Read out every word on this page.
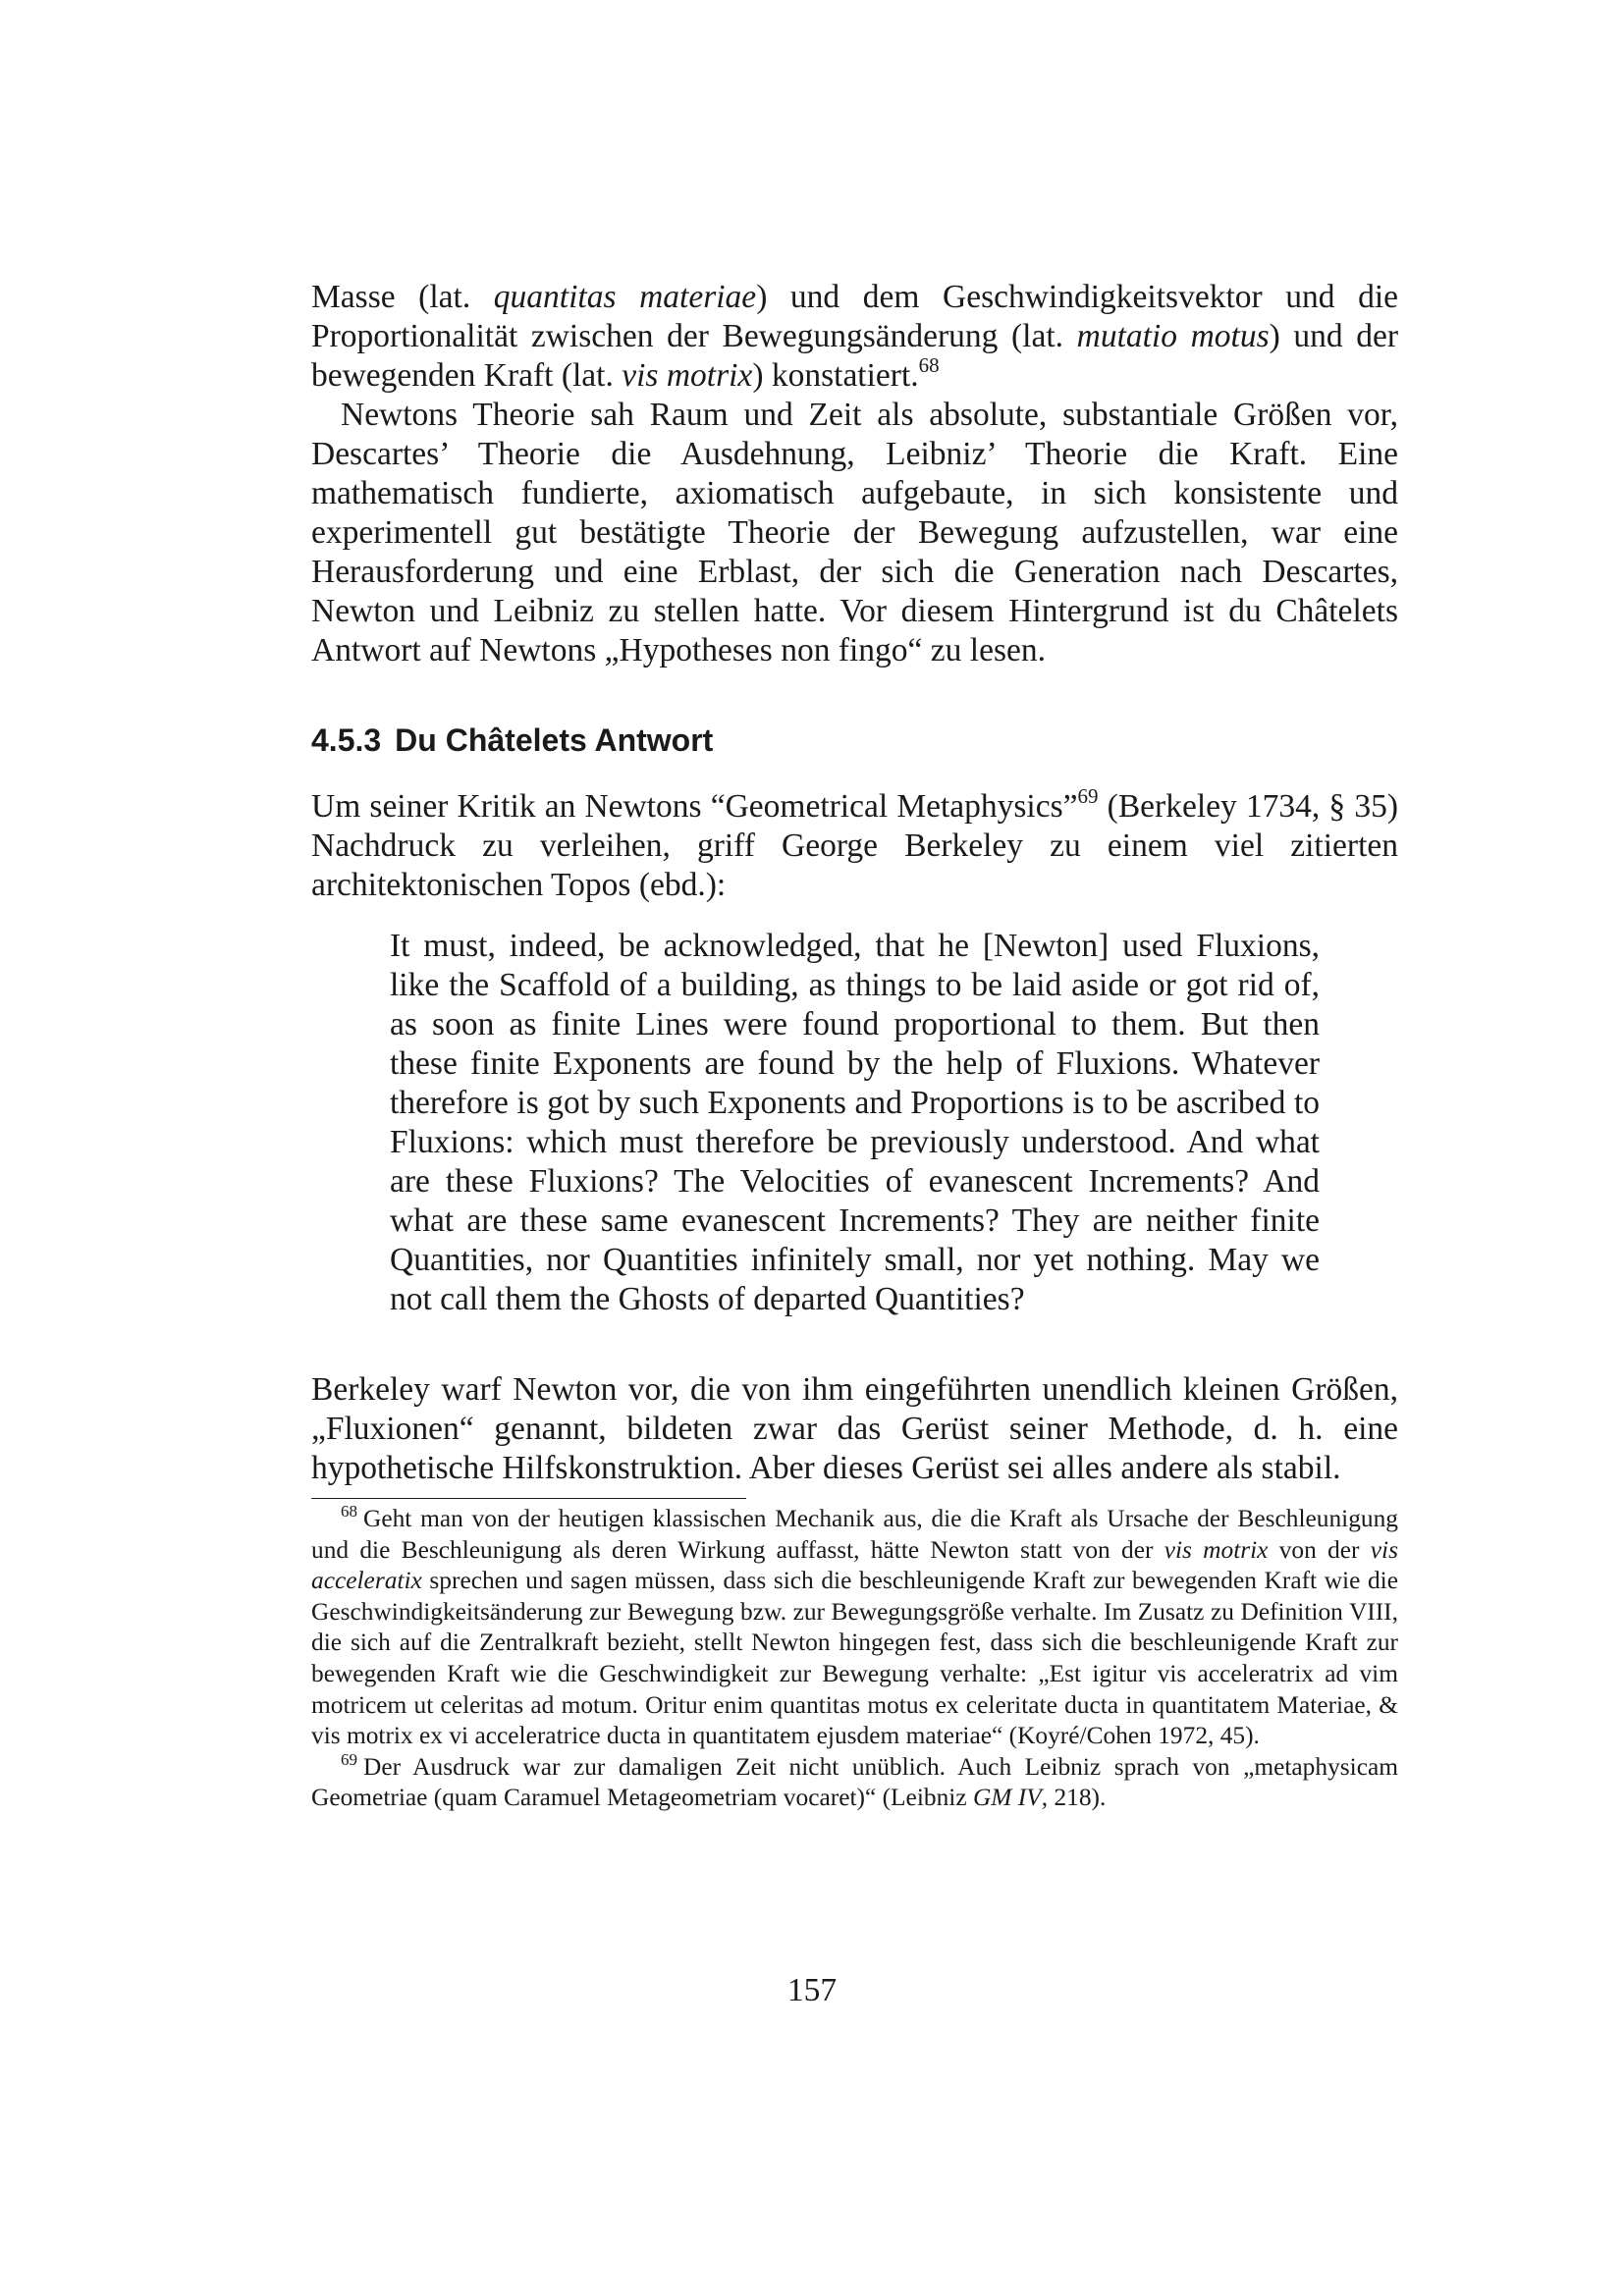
Masse (lat. quantitas materiae) und dem Geschwindigkeitsvektor und die Proportionalität zwischen der Bewegungsänderung (lat. mutatio motus) und der bewegenden Kraft (lat. vis motrix) konstatiert.$^{68}$

Newtons Theorie sah Raum und Zeit als absolute, substantiale Größen vor, Descartes’ Theorie die Ausdehnung, Leibniz’ Theorie die Kraft. Eine mathematisch fundierte, axiomatisch aufgebaute, in sich konsistente und experimentell gut bestätigte Theorie der Bewegung aufzustellen, war eine Herausforderung und eine Erblast, der sich die Generation nach Descartes, Newton und Leibniz zu stellen hatte. Vor diesem Hintergrund ist du Châtelets Antwort auf Newtons „Hypotheses non fingo“ zu lesen.

4.5.3 Du Châtelets Antwort

Um seiner Kritik an Newtons “Geometrical Metaphysics”$^{69}$ (Berkeley 1734, § 35) Nachdruck zu verleihen, griff George Berkeley zu einem viel zitierten architektonischen Topos (ebd.):

It must, indeed, be acknowledged, that he [Newton] used Fluxions, like the Scaffold of a building, as things to be laid aside or got rid of, as soon as finite Lines were found proportional to them. But then these finite Exponents are found by the help of Fluxions. Whatever therefore is got by such Exponents and Proportions is to be ascribed to Fluxions: which must therefore be previously understood. And what are these Fluxions? The Velocities of evanescent Increments? And what are these same evanescent Increments? They are neither finite Quantities, nor Quantities infinitely small, nor yet nothing. May we not call them the Ghosts of departed Quantities?

Berkeley warf Newton vor, die von ihm eingeführten unendlich kleinen Größen, „Fluxionen“ genannt, bildeten zwar das Gerüst seiner Methode, d. h. eine hypothetische Hilfskonstruktion. Aber dieses Gerüst sei alles andere als stabil.

$^{68}$ Geht man von der heutigen klassischen Mechanik aus, die die Kraft als Ursache der Beschleunigung und die Beschleunigung als deren Wirkung auffasst, hätte Newton statt von der vis motrix von der vis acceleratix sprechen und sagen müssen, dass sich die beschleunigende Kraft zur bewegenden Kraft wie die Geschwindigkeitsänderung zur Bewegung bzw. zur Bewegungsgröße verhalte. Im Zusatz zu Definition VIII, die sich auf die Zentralkraft bezieht, stellt Newton hingegen fest, dass sich die beschleunigende Kraft zur bewegenden Kraft wie die Geschwindigkeit zur Bewegung verhalte: „Est igitur vis acceleratrix ad vim motricem ut celeritas ad motum. Oritur enim quantitas motus ex celeritate ducta in quantitatem Materiae, & vis motrix ex vi acceleratrice ducta in quantitatem ejusdem materiae“ (Koyré/Cohen 1972, 45).

$^{69}$ Der Ausdruck war zur damaligen Zeit nicht unüblich. Auch Leibniz sprach von „metaphysicam Geometriae (quam Caramuel Metageometriam vocaret)“ (Leibniz GM IV, 218).

157
